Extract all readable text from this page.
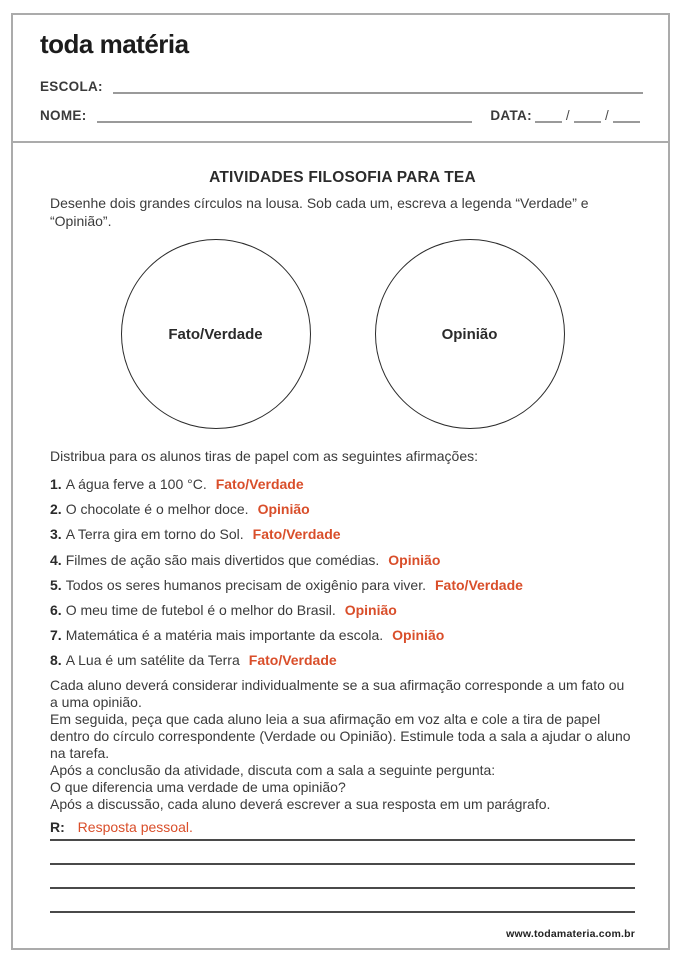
toda matéria
ESCOLA:
NOME:	DATA:	/	/
ATIVIDADES FILOSOFIA PARA TEA
Desenhe dois grandes círculos na lousa. Sob cada um, escreva a legenda “Verdade” e “Opinião”.
Fato/Verdade	Opinião
Distribua para os alunos tiras de papel com as seguintes afirmações:
1. A água ferve a 100 °C. Fato/Verdade
2. O chocolate é o melhor doce. Opinião
3. A Terra gira em torno do Sol. Fato/Verdade
4. Filmes de ação são mais divertidos que comédias. Opinião
5. Todos os seres humanos precisam de oxigênio para viver. Fato/Verdade
6. O meu time de futebol é o melhor do Brasil. Opinião
7. Matemática é a matéria mais importante da escola. Opinião
8. A Lua é um satélite da Terra Fato/Verdade

Cada aluno deverá considerar individualmente se a sua afirmação corresponde a um fato ou a uma opinião.

Em seguida, peça que cada aluno leia a sua afirmação em voz alta e cole a tira de papel dentro do círculo correspondente (Verdade ou Opinião). Estimule toda a sala a ajudar o aluno na tarefa.

Após a conclusão da atividade, discuta com a sala a seguinte pergunta:

O que diferencia uma verdade de uma opinião?

Após a discussão, cada aluno deverá escrever a sua resposta em um parágrafo.

R: Resposta pessoal.
www.todamateria.com.br
